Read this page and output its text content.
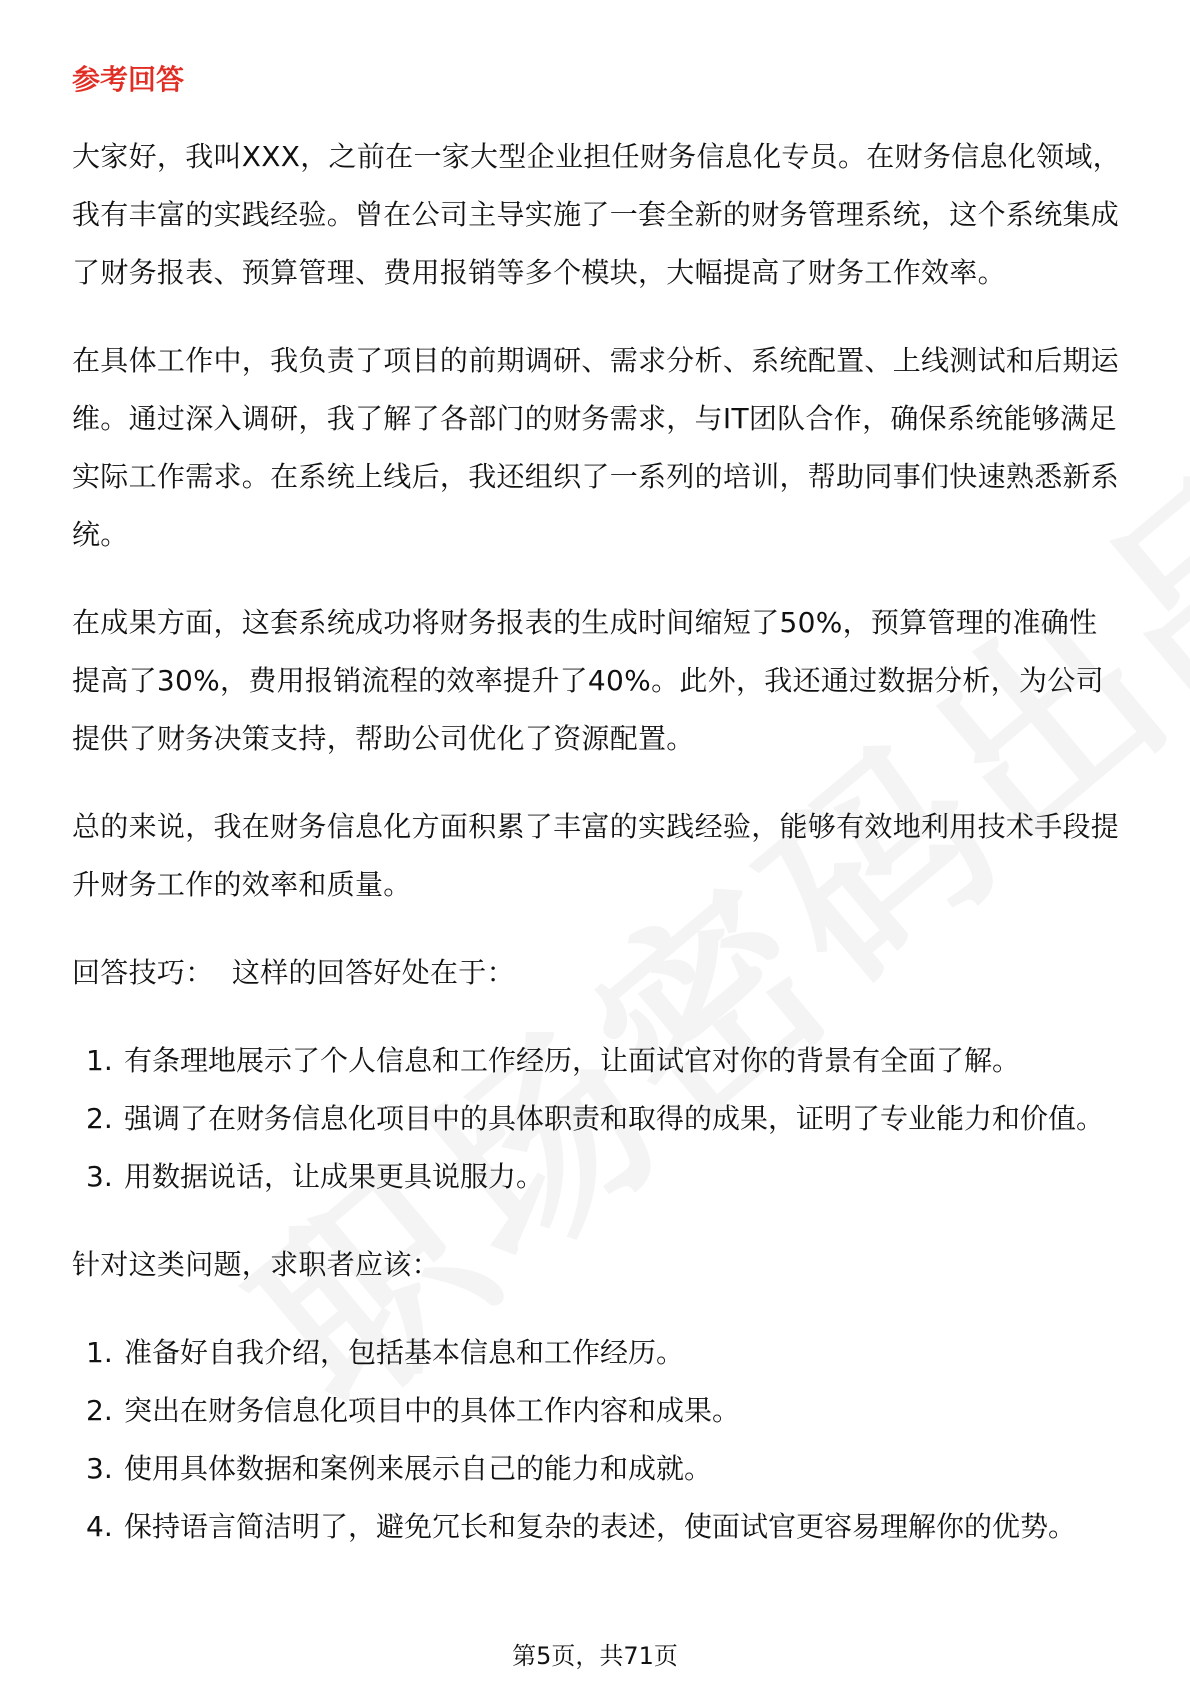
参考回答

大家好，我叫XXX，之前在一家大型企业担任财务信息化专员。在财务信息化领域，我有丰富的实践经验。曾在公司主导实施了一套全新的财务管理系统，这个系统集成了财务报表、预算管理、费用报销等多个模块，大幅提高了财务工作效率。

在具体工作中，我负责了项目的前期调研、需求分析、系统配置、上线测试和后期运维。通过深入调研，我了解了各部门的财务需求，与IT团队合作，确保系统能够满足实际工作需求。在系统上线后，我还组织了一系列的培训，帮助同事们快速熟悉新系统。

在成果方面，这套系统成功将财务报表的生成时间缩短了50%，预算管理的准确性提高了30%，费用报销流程的效率提升了40%。此外，我还通过数据分析，为公司提供了财务决策支持，帮助公司优化了资源配置。

总的来说，我在财务信息化方面积累了丰富的实践经验，能够有效地利用技术手段提升财务工作的效率和质量。

回答技巧：  这样的回答好处在于：

1. 有条理地展示了个人信息和工作经历，让面试官对你的背景有全面了解。
2. 强调了在财务信息化项目中的具体职责和取得的成果，证明了专业能力和价值。
3. 用数据说话，让成果更具说服力。

针对这类问题，求职者应该：

1. 准备好自我介绍，包括基本信息和工作经历。
2. 突出在财务信息化项目中的具体工作内容和成果。
3. 使用具体数据和案例来展示自己的能力和成就。
4. 保持语言简洁明了，避免冗长和复杂的表述，使面试官更容易理解你的优势。
第5页，共71页
